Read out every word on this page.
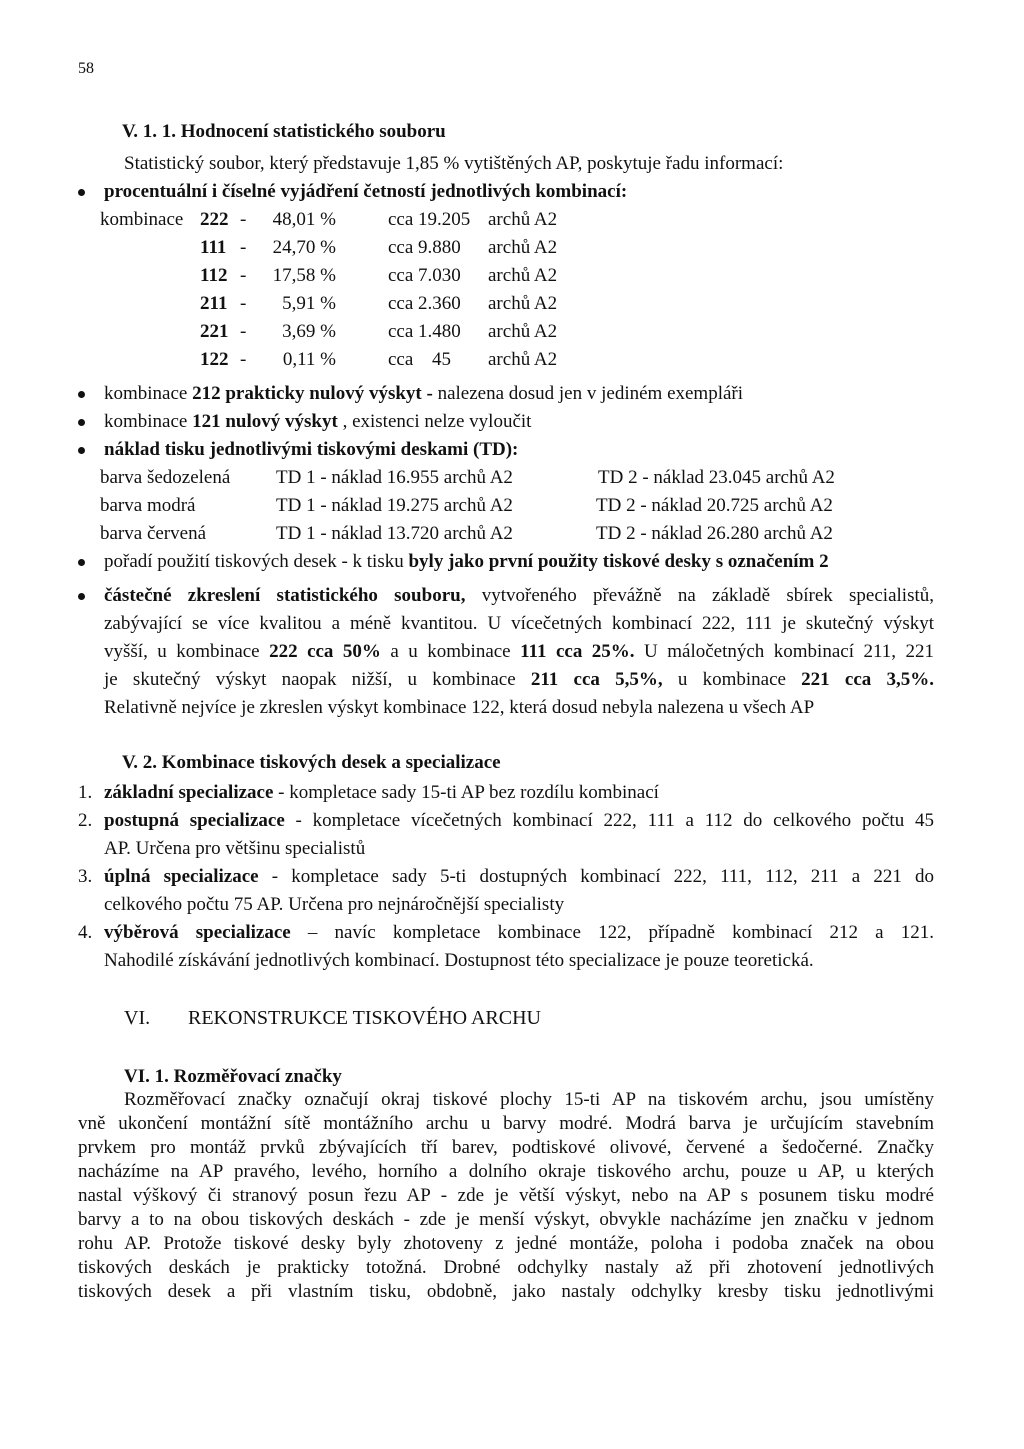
58
V. 1. 1. Hodnocení statistického souboru
Statistický soubor, který představuje 1,85 % vytištěných AP, poskytuje řadu informací:
procentuální i číselné vyjádření četností jednotlivých kombinací:
kombinace 222 -	48,01 %	cca 19.205 archů A2
111 -	24,70 %	cca 9.880 archů A2
112 -	17,58 %	cca 7.030 archů A2
211 -	5,91 %	cca 2.360 archů A2
221 -	3,69 %	cca 1.480 archů A2
122 -	0,11 %	cca 45	archů A2
kombinace 212 prakticky nulový výskyt - nalezena dosud jen v jediném exempláři
kombinace 121 nulový výskyt , existenci nelze vyloučit
náklad tisku jednotlivými tiskovými deskami (TD):
barva šedozelená TD 1 - náklad 16.955 archů A2	TD 2 - náklad 23.045 archů A2
barva modrá	TD 1 - náklad 19.275 archů A2	TD 2 - náklad 20.725 archů A2
barva červená	TD 1 - náklad 13.720 archů A2	TD 2 - náklad 26.280 archů A2
pořadí použití tiskových desek - k tisku byly jako první použity tiskové desky s označením 2
částečné zkreslení statistického souboru, vytvořeného převážně na základě sbírek specialistů,
zabývající se více kvalitou a méně kvantitou. U vícečetných kombinací 222, 111 je skutečný výskyt
vyšší, u kombinace 222 cca 50% a u kombinace 111 cca 25%. U máločetných kombinací 211, 221
je skutečný výskyt naopak nižší, u kombinace 211 cca 5,5%, u kombinace 221 cca 3,5%.
Relativně nejvíce je zkreslen výskyt kombinace 122, která dosud nebyla nalezena u všech AP
V. 2. Kombinace tiskových desek a specializace
1. základní specializace - kompletace sady 15-ti AP bez rozdílu kombinací
2. postupná specializace - kompletace vícečetných kombinací 222, 111 a 112 do celkového počtu 45
AP. Určena pro většinu specialistů
3. úplná specializace - kompletace sady 5-ti dostupných kombinací 222, 111, 112, 211 a 221 do
celkového počtu 75 AP. Určena pro nejnáročnější specialisty
4. výběrová specializace – navíc kompletace kombinace 122, případně kombinací 212 a 121.
Nahodilé získávání jednotlivých kombinací. Dostupnost této specializace je pouze teoretická.
VI. REKONSTRUKCE TISKOVÉHO ARCHU
VI. 1. Rozměřovací značky
Rozměřovací značky označují okraj tiskové plochy 15-ti AP na tiskovém archu, jsou umístěny
vně ukončení montážní sítě montážního archu u barvy modré. Modrá barva je určujícím stavebním
prvkem pro montáž prvků zbývajících tří barev, podtiskové olivové, červené a šedočerné. Značky
nacházíme na AP pravého, levého, horního a dolního okraje tiskového archu, pouze u AP, u kterých
nastal výškový či stranový posun řezu AP - zde je větší výskyt, nebo na AP s posunem tisku modré
barvy a to na obou tiskových deskách - zde je menší výskyt, obvykle nacházíme jen značku v jednom
rohu AP. Protože tiskové desky byly zhotoveny z jedné montáže, poloha i podoba značek na obou
tiskových deskách je prakticky totožná. Drobné odchylky nastaly až při zhotovení jednotlivých
tiskových desek a při vlastním tisku, obdobně, jako nastaly odchylky kresby tisku jednotlivými
